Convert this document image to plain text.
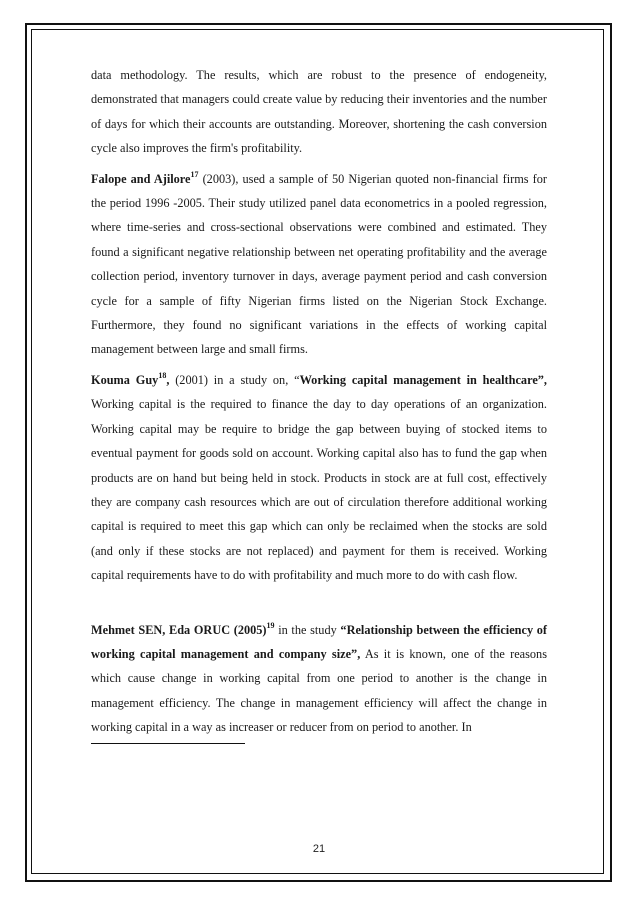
data methodology. The results, which are robust to the presence of endogeneity, demonstrated that managers could create value by reducing their inventories and the number of days for which their accounts are outstanding. Moreover, shortening the cash conversion cycle also improves the firm's profitability.

Falope and Ajilore$^{17}$ (2003), used a sample of 50 Nigerian quoted non-financial firms for the period 1996 -2005. Their study utilized panel data econometrics in a pooled regression, where time-series and cross-sectional observations were combined and estimated. They found a significant negative relationship between net operating profitability and the average collection period, inventory turnover in days, average payment period and cash conversion cycle for a sample of fifty Nigerian firms listed on the Nigerian Stock Exchange. Furthermore, they found no significant variations in the effects of working capital management between large and small firms.

Kouma Guy$^{18}$, (2001) in a study on, “Working capital management in healthcare”, Working capital is the required to finance the day to day operations of an organization. Working capital may be require to bridge the gap between buying of stocked items to eventual payment for goods sold on account. Working capital also has to fund the gap when products are on hand but being held in stock. Products in stock are at full cost, effectively they are company cash resources which are out of circulation therefore additional working capital is required to meet this gap which can only be reclaimed when the stocks are sold (and only if these stocks are not replaced) and payment for them is received. Working capital requirements have to do with profitability and much more to do with cash flow.

Mehmet SEN, Eda ORUC $(2005)^{19}$ in the study “Relationship between the efficiency of working capital management and company size”, As it is known, one of the reasons which cause change in working capital from one period to another is the change in management efficiency. The change in management efficiency will affect the change in working capital in a way as increaser or reducer from on period to another. In

21
